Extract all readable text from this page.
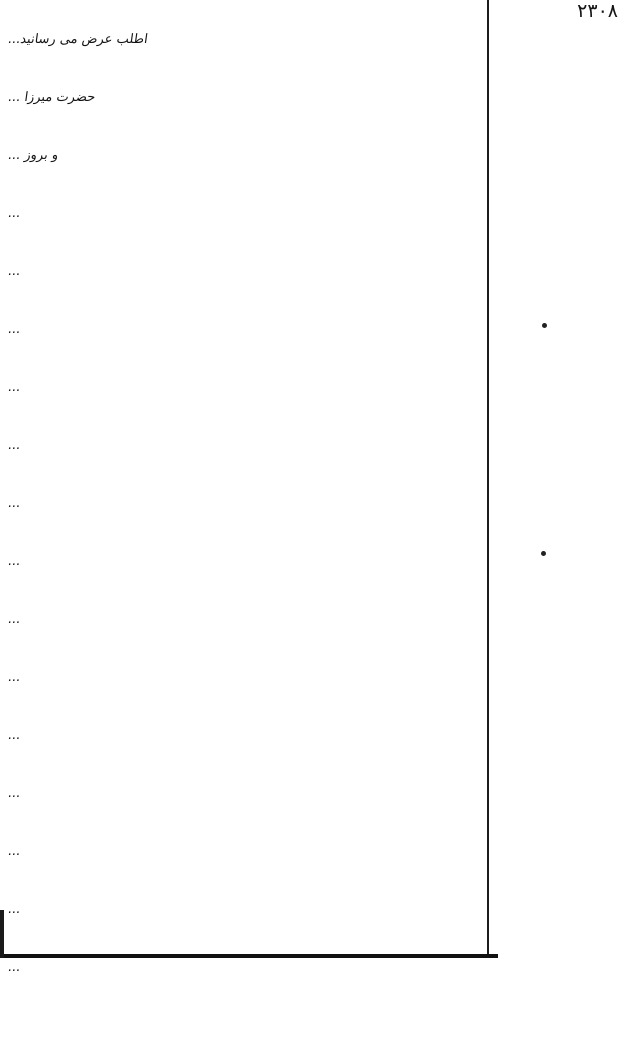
۲۳۰۸
اطلب عرض می رسانید...
حضرت میرزا ...
و بروز ...
...
...
...
...
...
...
...
...
...
...
...
...
...
...
